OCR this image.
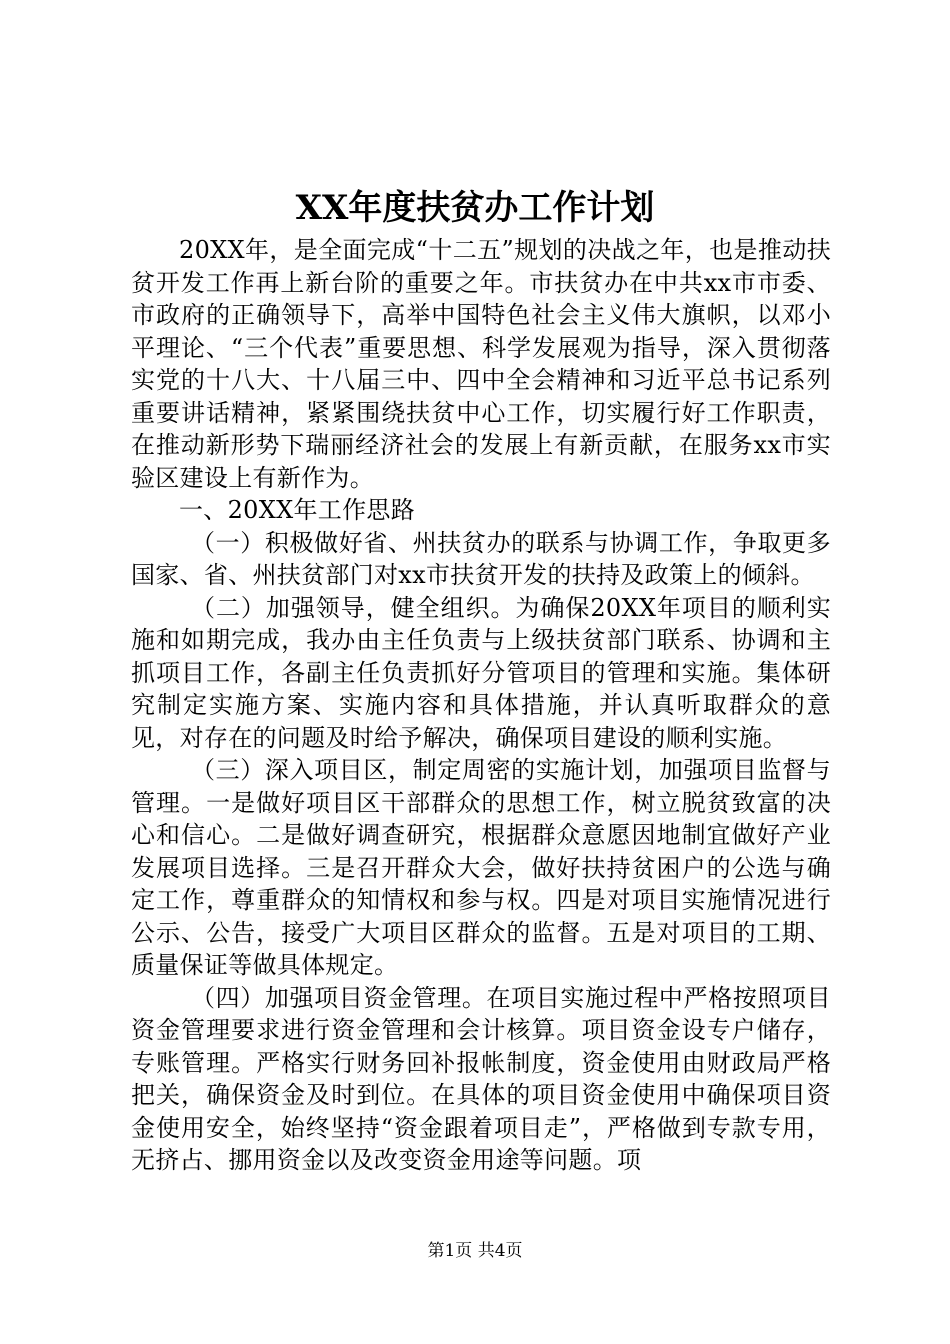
XX年度扶贫办工作计划

20XX年，是全面完成“十二五”规划的决战之年，也是推动扶贫开发工作再上新台阶的重要之年。市扶贫办在中共xx市市委、市政府的正确领导下，高举中国特色社会主义伟大旗帜，以邓小平理论、“三个代表”重要思想、科学发展观为指导，深入贯彻落实党的十八大、十八届三中、四中全会精神和习近平总书记系列重要讲话精神，紧紧围绕扶贫中心工作，切实履行好工作职责，在推动新形势下瑞丽经济社会的发展上有新贡献，在服务xx市实验区建设上有新作为。

一、20XX年工作思路

（一）积极做好省、州扶贫办的联系与协调工作，争取更多国家、省、州扶贫部门对xx市扶贫开发的扶持及政策上的倾斜。

（二）加强领导，健全组织。为确保20XX年项目的顺利实施和如期完成，我办由主任负责与上级扶贫部门联系、协调和主抓项目工作，各副主任负责抓好分管项目的管理和实施。集体研究制定实施方案、实施内容和具体措施，并认真听取群众的意见，对存在的问题及时给予解决，确保项目建设的顺利实施。

（三）深入项目区，制定周密的实施计划，加强项目监督与管理。一是做好项目区干部群众的思想工作，树立脱贫致富的决心和信心。二是做好调查研究，根据群众意愿因地制宜做好产业发展项目选择。三是召开群众大会，做好扶持贫困户的公选与确定工作，尊重群众的知情权和参与权。四是对项目实施情况进行公示、公告，接受广大项目区群众的监督。五是对项目的工期、质量保证等做具体规定。

（四）加强项目资金管理。在项目实施过程中严格按照项目资金管理要求进行资金管理和会计核算。项目资金设专户储存，专账管理。严格实行财务回补报帐制度，资金使用由财政局严格把关，确保资金及时到位。在具体的项目资金使用中确保项目资金使用安全，始终坚持“资金跟着项目走”，严格做到专款专用，无挤占、挪用资金以及改变资金用途等问题。项

第1页 共4页
